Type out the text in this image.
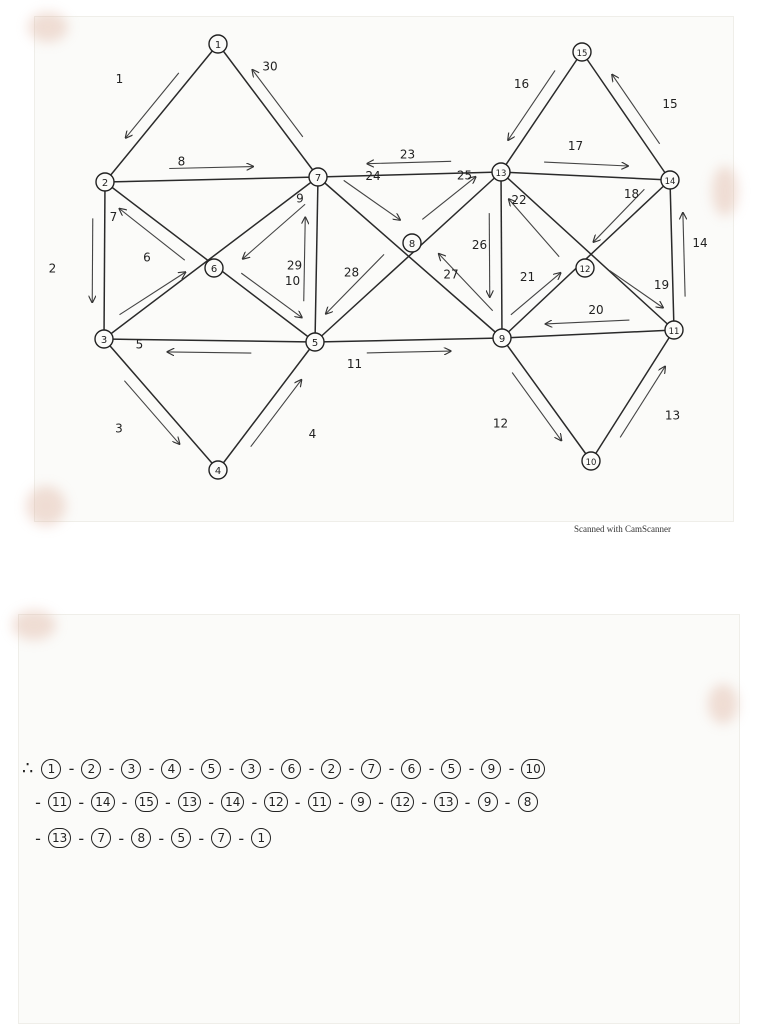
1
2
3	4
5
6
7
8
9
10
11
12
13
14
15
16
17
18
19
20
21
22
23
24	25
26
27
28
29
30
1
2
3
4
5
6
7
8
9
10
11
12
13
14
15
Scanned with CamScanner
∴	1 -	2 -	3 -	4 -	5 -	3 -	6 -	2 -	7 -	6 -	5 -	9 - 10
- 11 - 14 - 15 - 13 - 14 - 12 - 11 -	9 - 12 - 13 -	9 -	8
- 13 -	7 -	8 -	5 -	7 -	1
